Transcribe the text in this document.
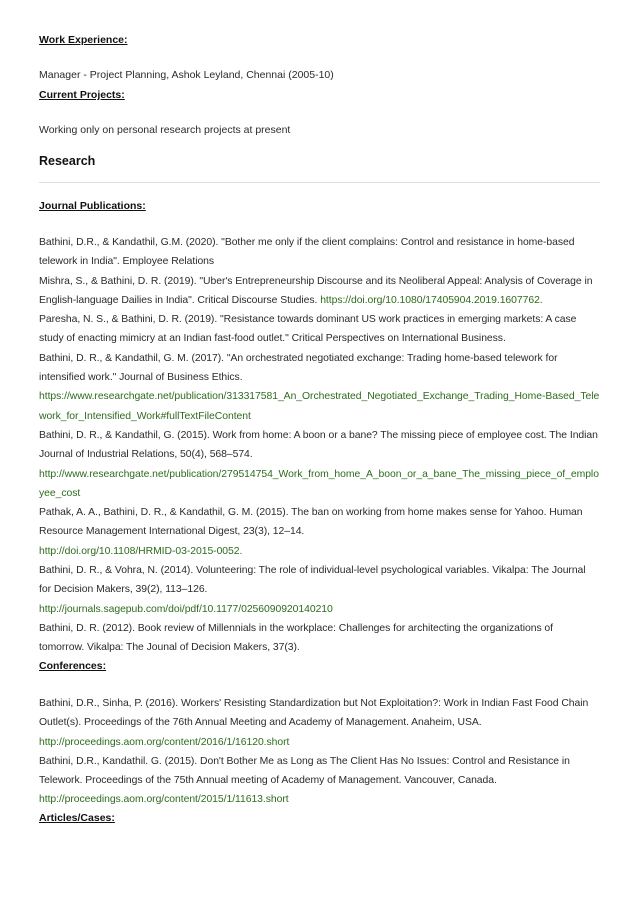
Work Experience:
Manager - Project Planning, Ashok Leyland, Chennai (2005-10)
Current Projects:
Working only on personal research projects at present
Research
Journal Publications:

Bathini, D.R., & Kandathil, G.M. (2020). "Bother me only if the client complains: Control and resistance in home-based telework in India". Employee Relations

Mishra, S., & Bathini, D. R. (2019). "Uber's Entrepreneurship Discourse and its Neoliberal Appeal: Analysis of Coverage in English-language Dailies in India". Critical Discourse Studies. https://doi.org/10.1080/17405904.2019.1607762.

Paresha, N. S., & Bathini, D. R. (2019). "Resistance towards dominant US work practices in emerging markets: A case study of enacting mimicry at an Indian fast-food outlet." Critical Perspectives on International Business.

Bathini, D. R., & Kandathil, G. M. (2017). "An orchestrated negotiated exchange: Trading home-based telework for intensified work." Journal of Business Ethics.

https://www.researchgate.net/publication/313317581_An_Orchestrated_Negotiated_Exchange_Trading_Home-Based_Telework_for_Intensified_Work#fullTextFileContent

Bathini, D. R., & Kandathil, G. (2015). Work from home: A boon or a bane? The missing piece of employee cost. The Indian Journal of Industrial Relations, 50(4), 568–574.

http://www.researchgate.net/publication/279514754_Work_from_home_A_boon_or_a_bane_The_missing_piece_of_employee_cost

Pathak, A. A., Bathini, D. R., & Kandathil, G. M. (2015). The ban on working from home makes sense for Yahoo. Human Resource Management International Digest, 23(3), 12–14.

http://doi.org/10.1108/HRMID-03-2015-0052.

Bathini, D. R., & Vohra, N. (2014). Volunteering: The role of individual-level psychological variables. Vikalpa: The Journal for Decision Makers, 39(2), 113–126.

http://journals.sagepub.com/doi/pdf/10.1177/0256090920140210

Bathini, D. R. (2012). Book review of Millennials in the workplace: Challenges for architecting the organizations of tomorrow. Vikalpa: The Jounal of Decision Makers, 37(3).

Conferences:

Bathini, D.R., Sinha, P. (2016). Workers' Resisting Standardization but Not Exploitation?: Work in Indian Fast Food Chain Outlet(s). Proceedings of the 76th Annual Meeting and Academy of Management. Anaheim, USA.

http://proceedings.aom.org/content/2016/1/16120.short

Bathini, D.R., Kandathil. G. (2015). Don't Bother Me as Long as The Client Has No Issues: Control and Resistance in Telework. Proceedings of the 75th Annual meeting of Academy of Management. Vancouver, Canada.

http://proceedings.aom.org/content/2015/1/11613.short
Articles/Cases:
